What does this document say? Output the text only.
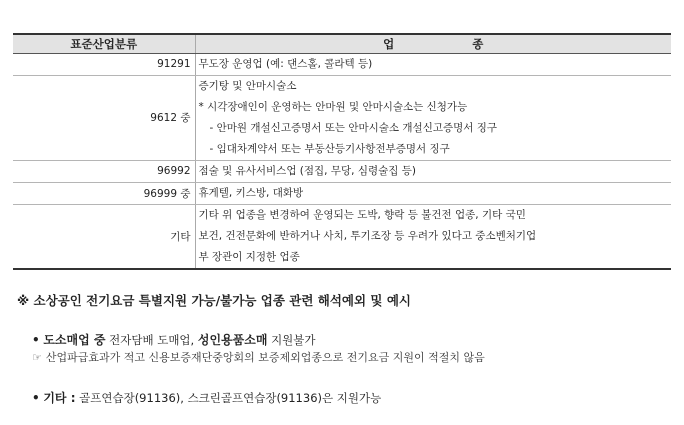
표준산업분류	업 종
91291	무도장 운영업 (예: 댄스홀, 콜라텍 등)

9612 중	증기탕 및 안마시술소
* 시각장애인이 운영하는 안마원 및 안마시술소는 신청가능
- 안마원 개설신고증명서 또는 안마시술소 개설신고증명서 징구
- 임대차계약서 또는 부동산등기사항전부증명서 징구

96992	점술 및 유사서비스업 (점집, 무당, 심령술집 등)

96999 중	휴게텔, 키스방, 대화방

기타	기타 위 업종을 변경하여 운영되는 도박, 향락 등 불건전 업종, 기타 국민
보건, 건전문화에 반하거나 사치, 투기조장 등 우려가 있다고 중소벤처기업
부 장관이 지정한 업종
※ 소상공인 전기요금 특별지원 가능/불가능 업종 관련 해석예외 및 예시
• 도소매업 중 전자담배 도매업, 성인용품소매 지원불가
☞ 산업파급효과가 적고 신용보증재단중앙회의 보증제외업종으로 전기요금 지원이 적절치 않음
• 기타 : 골프연습장(91136), 스크린골프연습장(91136)은 지원가능
